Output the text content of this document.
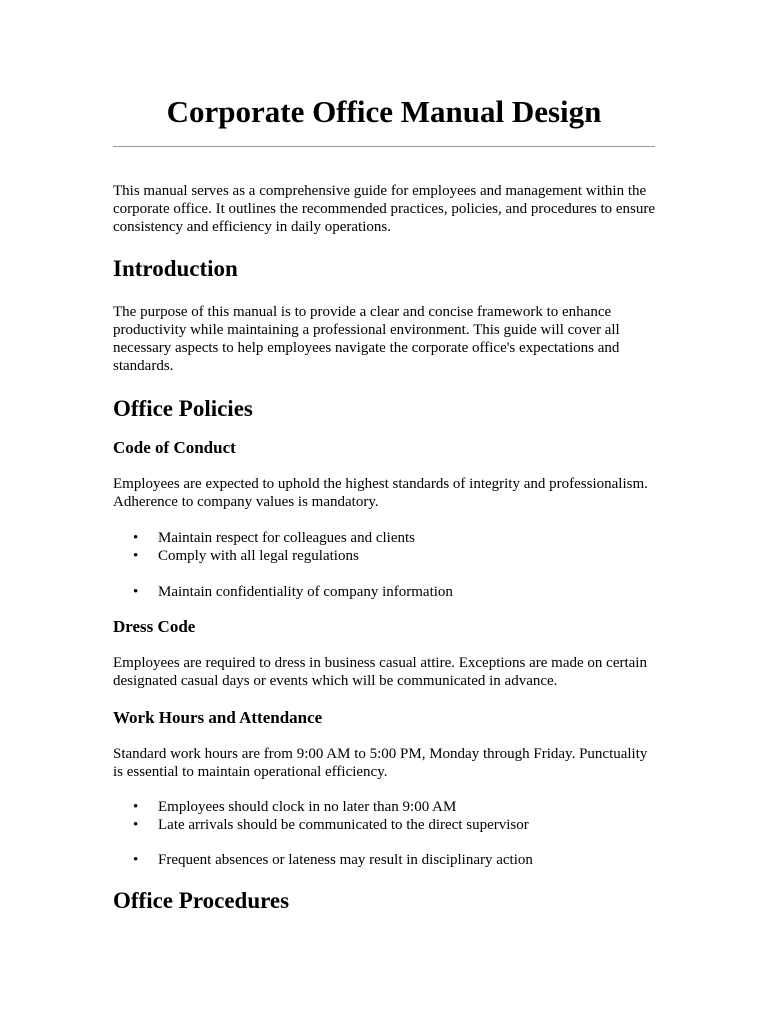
Corporate Office Manual Design

This manual serves as a comprehensive guide for employees and management within the corporate office. It outlines the recommended practices, policies, and procedures to ensure consistency and efficiency in daily operations.

Introduction

The purpose of this manual is to provide a clear and concise framework to enhance productivity while maintaining a professional environment. This guide will cover all necessary aspects to help employees navigate the corporate office's expectations and standards.

Office Policies
Code of Conduct

Employees are expected to uphold the highest standards of integrity and professionalism. Adherence to company values is mandatory.

• Maintain respect for colleagues and clients
• Comply with all legal regulations
• Maintain confidentiality of company information
Dress Code

Employees are required to dress in business casual attire. Exceptions are made on certain designated casual days or events which will be communicated in advance.

Work Hours and Attendance

Standard work hours are from 9:00 AM to 5:00 PM, Monday through Friday. Punctuality is essential to maintain operational efficiency.

• Employees should clock in no later than 9:00 AM
• Late arrivals should be communicated to the direct supervisor
• Frequent absences or lateness may result in disciplinary action
Office Procedures
